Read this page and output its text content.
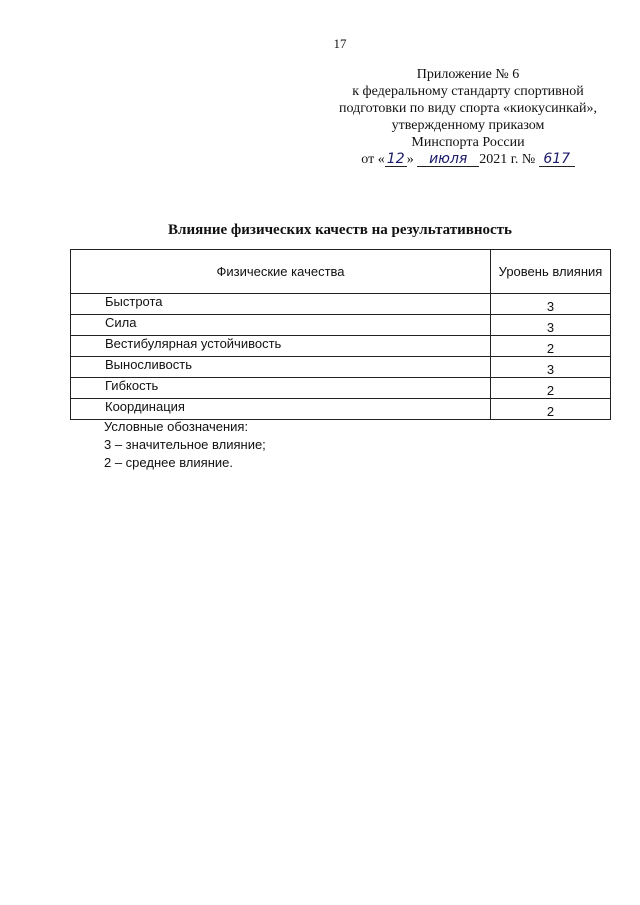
17
Приложение № 6
к федеральному стандарту спортивной
подготовки по виду спорта «киокусинкай»,
утвержденному приказом
Минспорта России
от « 12 » июля 2021 г. № 617
Влияние физических качеств на результативность
Физические качества	Уровень влияния

Быстрота	3

Сила	3

Вестибулярная устойчивость	2

Выносливость	3

Гибкость	2

Координация	2
Условные обозначения:
3 – значительное влияние;
2 – среднее влияние.
